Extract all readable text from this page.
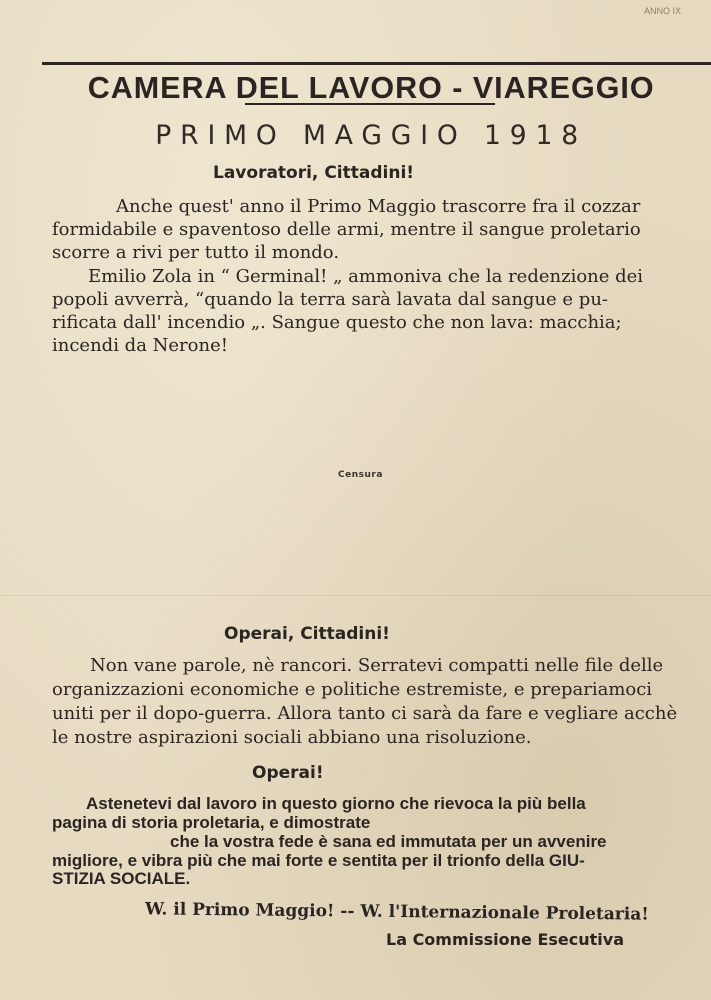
ANNO IX
CAMERA DEL LAVORO - VIAREGGIO
PRIMO MAGGIO 1918
Lavoratori, Cittadini!
Anche quest' anno il Primo Maggio trascorre fra il cozzar
formidabile e spaventoso delle armi, mentre il sangue proletario
scorre a rivi per tutto il mondo.
Emilio Zola in “ Germinal! „ ammoniva che la redenzione dei
popoli avverrà, “quando la terra sarà lavata dal sangue e pu-
rificata dall' incendio „. Sangue questo che non lava: macchia;
incendi da Nerone!
Censura
Operai, Cittadini!
Non vane parole, nè rancori. Serratevi compatti nelle file delle
organizzazioni economiche e politiche estremiste, e prepariamoci
uniti per il dopo-guerra. Allora tanto ci sarà da fare e vegliare acchè
le nostre aspirazioni sociali abbiano una risoluzione.
Operai!
Astenetevi dal lavoro in questo giorno che rievoca la più bella
pagina di storia proletaria, e dimostrate
che la vostra fede è sana ed immutata per un avvenire
migliore, e vibra più che mai forte e sentita per il trionfo della GIU-
STIZIA SOCIALE.
W. il Primo Maggio! -- W. l'Internazionale Proletaria!
La Commissione Esecutiva
